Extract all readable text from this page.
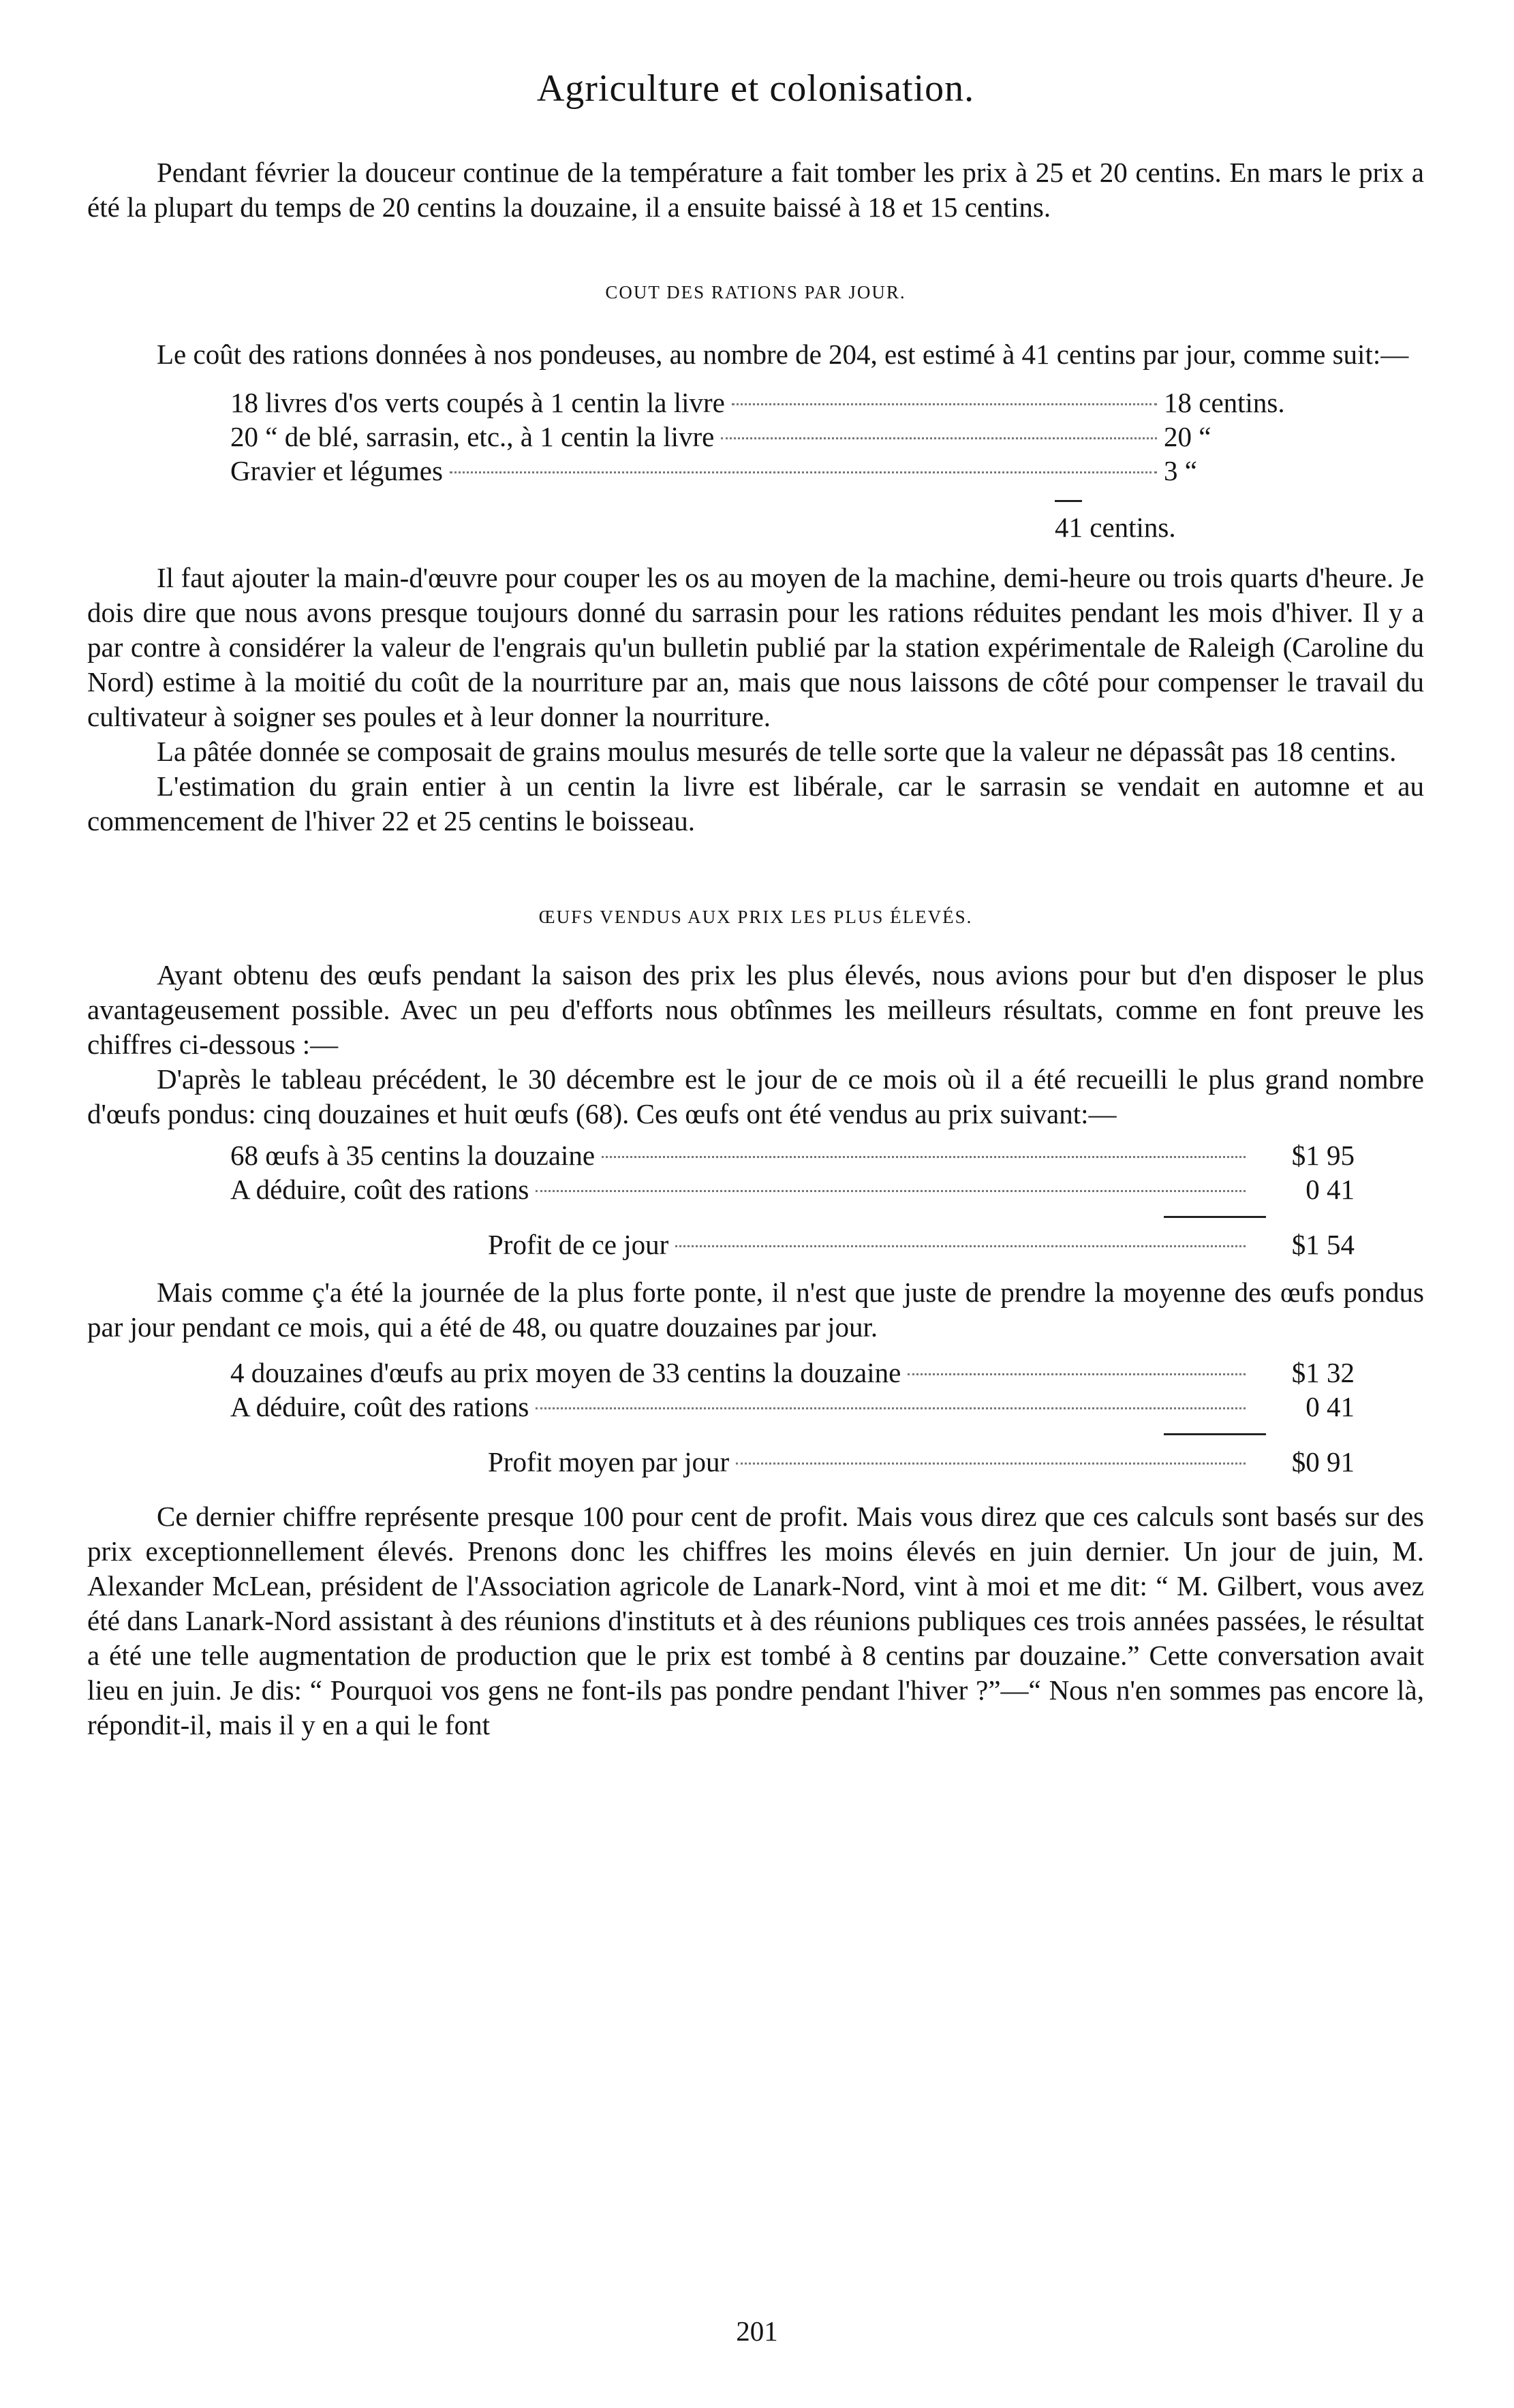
Agriculture et colonisation.

Pendant février la douceur continue de la température a fait tomber les prix à 25 et 20 centins. En mars le prix a été la plupart du temps de 20 centins la douzaine, il a ensuite baissé à 18 et 15 centins.

COUT DES RATIONS PAR JOUR.

Le coût des rations données à nos pondeuses, au nombre de 204, est estimé à 41 centins par jour, comme suit:—

18 livres d'os verts coupés à 1 centin la livre	18 centins.
20 “ de blé, sarrasin, etc., à 1 centin la livre	20 “
Gravier et légumes	3 “
41 centins.

Il faut ajouter la main-d'œuvre pour couper les os au moyen de la machine, demi-heure ou trois quarts d'heure. Je dois dire que nous avons presque toujours donné du sarrasin pour les rations réduites pendant les mois d'hiver. Il y a par contre à considérer la valeur de l'engrais qu'un bulletin publié par la station expérimentale de Raleigh (Caroline du Nord) estime à la moitié du coût de la nourriture par an, mais que nous laissons de côté pour compenser le travail du cultivateur à soigner ses poules et à leur donner la nourriture.

La pâtée donnée se composait de grains moulus mesurés de telle sorte que la valeur ne dépassât pas 18 centins.

L'estimation du grain entier à un centin la livre est libérale, car le sarrasin se vendait en automne et au commencement de l'hiver 22 et 25 centins le boisseau.

ŒUFS VENDUS AUX PRIX LES PLUS ÉLEVÉS.

Ayant obtenu des œufs pendant la saison des prix les plus élevés, nous avions pour but d'en disposer le plus avantageusement possible. Avec un peu d'efforts nous obtînmes les meilleurs résultats, comme en font preuve les chiffres ci-dessous :—

D'après le tableau précédent, le 30 décembre est le jour de ce mois où il a été recueilli le plus grand nombre d'œufs pondus: cinq douzaines et huit œufs (68). Ces œufs ont été vendus au prix suivant:—

68 œufs à 35 centins la douzaine	$1 95
A déduire, coût des rations	0 41
Profit de ce jour	$1 54

Mais comme ç'a été la journée de la plus forte ponte, il n'est que juste de prendre la moyenne des œufs pondus par jour pendant ce mois, qui a été de 48, ou quatre douzaines par jour.

4 douzaines d'œufs au prix moyen de 33 centins la douzaine	$1 32
A déduire, coût des rations	0 41
Profit moyen par jour	$0 91

Ce dernier chiffre représente presque 100 pour cent de profit. Mais vous direz que ces calculs sont basés sur des prix exceptionnellement élevés. Prenons donc les chiffres les moins élevés en juin dernier. Un jour de juin, M. Alexander McLean, président de l'Association agricole de Lanark-Nord, vint à moi et me dit: “ M. Gilbert, vous avez été dans Lanark-Nord assistant à des réunions d'instituts et à des réunions publiques ces trois années passées, le résultat a été une telle augmentation de production que le prix est tombé à 8 centins par douzaine.” Cette conversation avait lieu en juin. Je dis: “ Pourquoi vos gens ne font-ils pas pondre pendant l'hiver ?”—“ Nous n'en sommes pas encore là, répondit-il, mais il y en a qui le font

201
